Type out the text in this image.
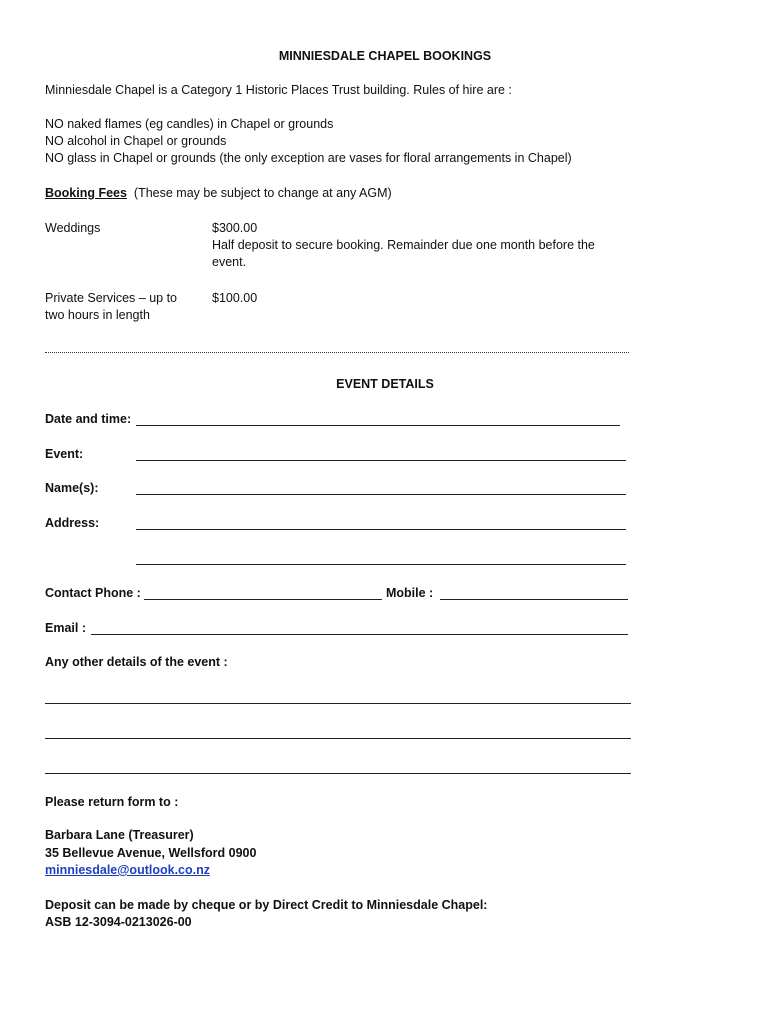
MINNIESDALE CHAPEL BOOKINGS
Minniesdale Chapel is a Category 1 Historic Places Trust building. Rules of hire are :
NO naked flames (eg candles) in Chapel or grounds
NO alcohol in Chapel or grounds
NO glass in Chapel or grounds (the only exception are vases for floral arrangements in Chapel)
Booking Fees (These may be subject to change at any AGM)
Weddings	$300.00
Half deposit to secure booking. Remainder due one month before the event.
Private Services – up to two hours in length
$100.00
EVENT DETAILS
Date and time:
Event:
Name(s):
Address:
Contact Phone :	Mobile :
Email :
Any other details of the event :
Please return form to :
Barbara Lane (Treasurer)
35 Bellevue Avenue, Wellsford 0900
minniesdale@outlook.co.nz
Deposit can be made by cheque or by Direct Credit to Minniesdale Chapel:
ASB 12-3094-0213026-00
